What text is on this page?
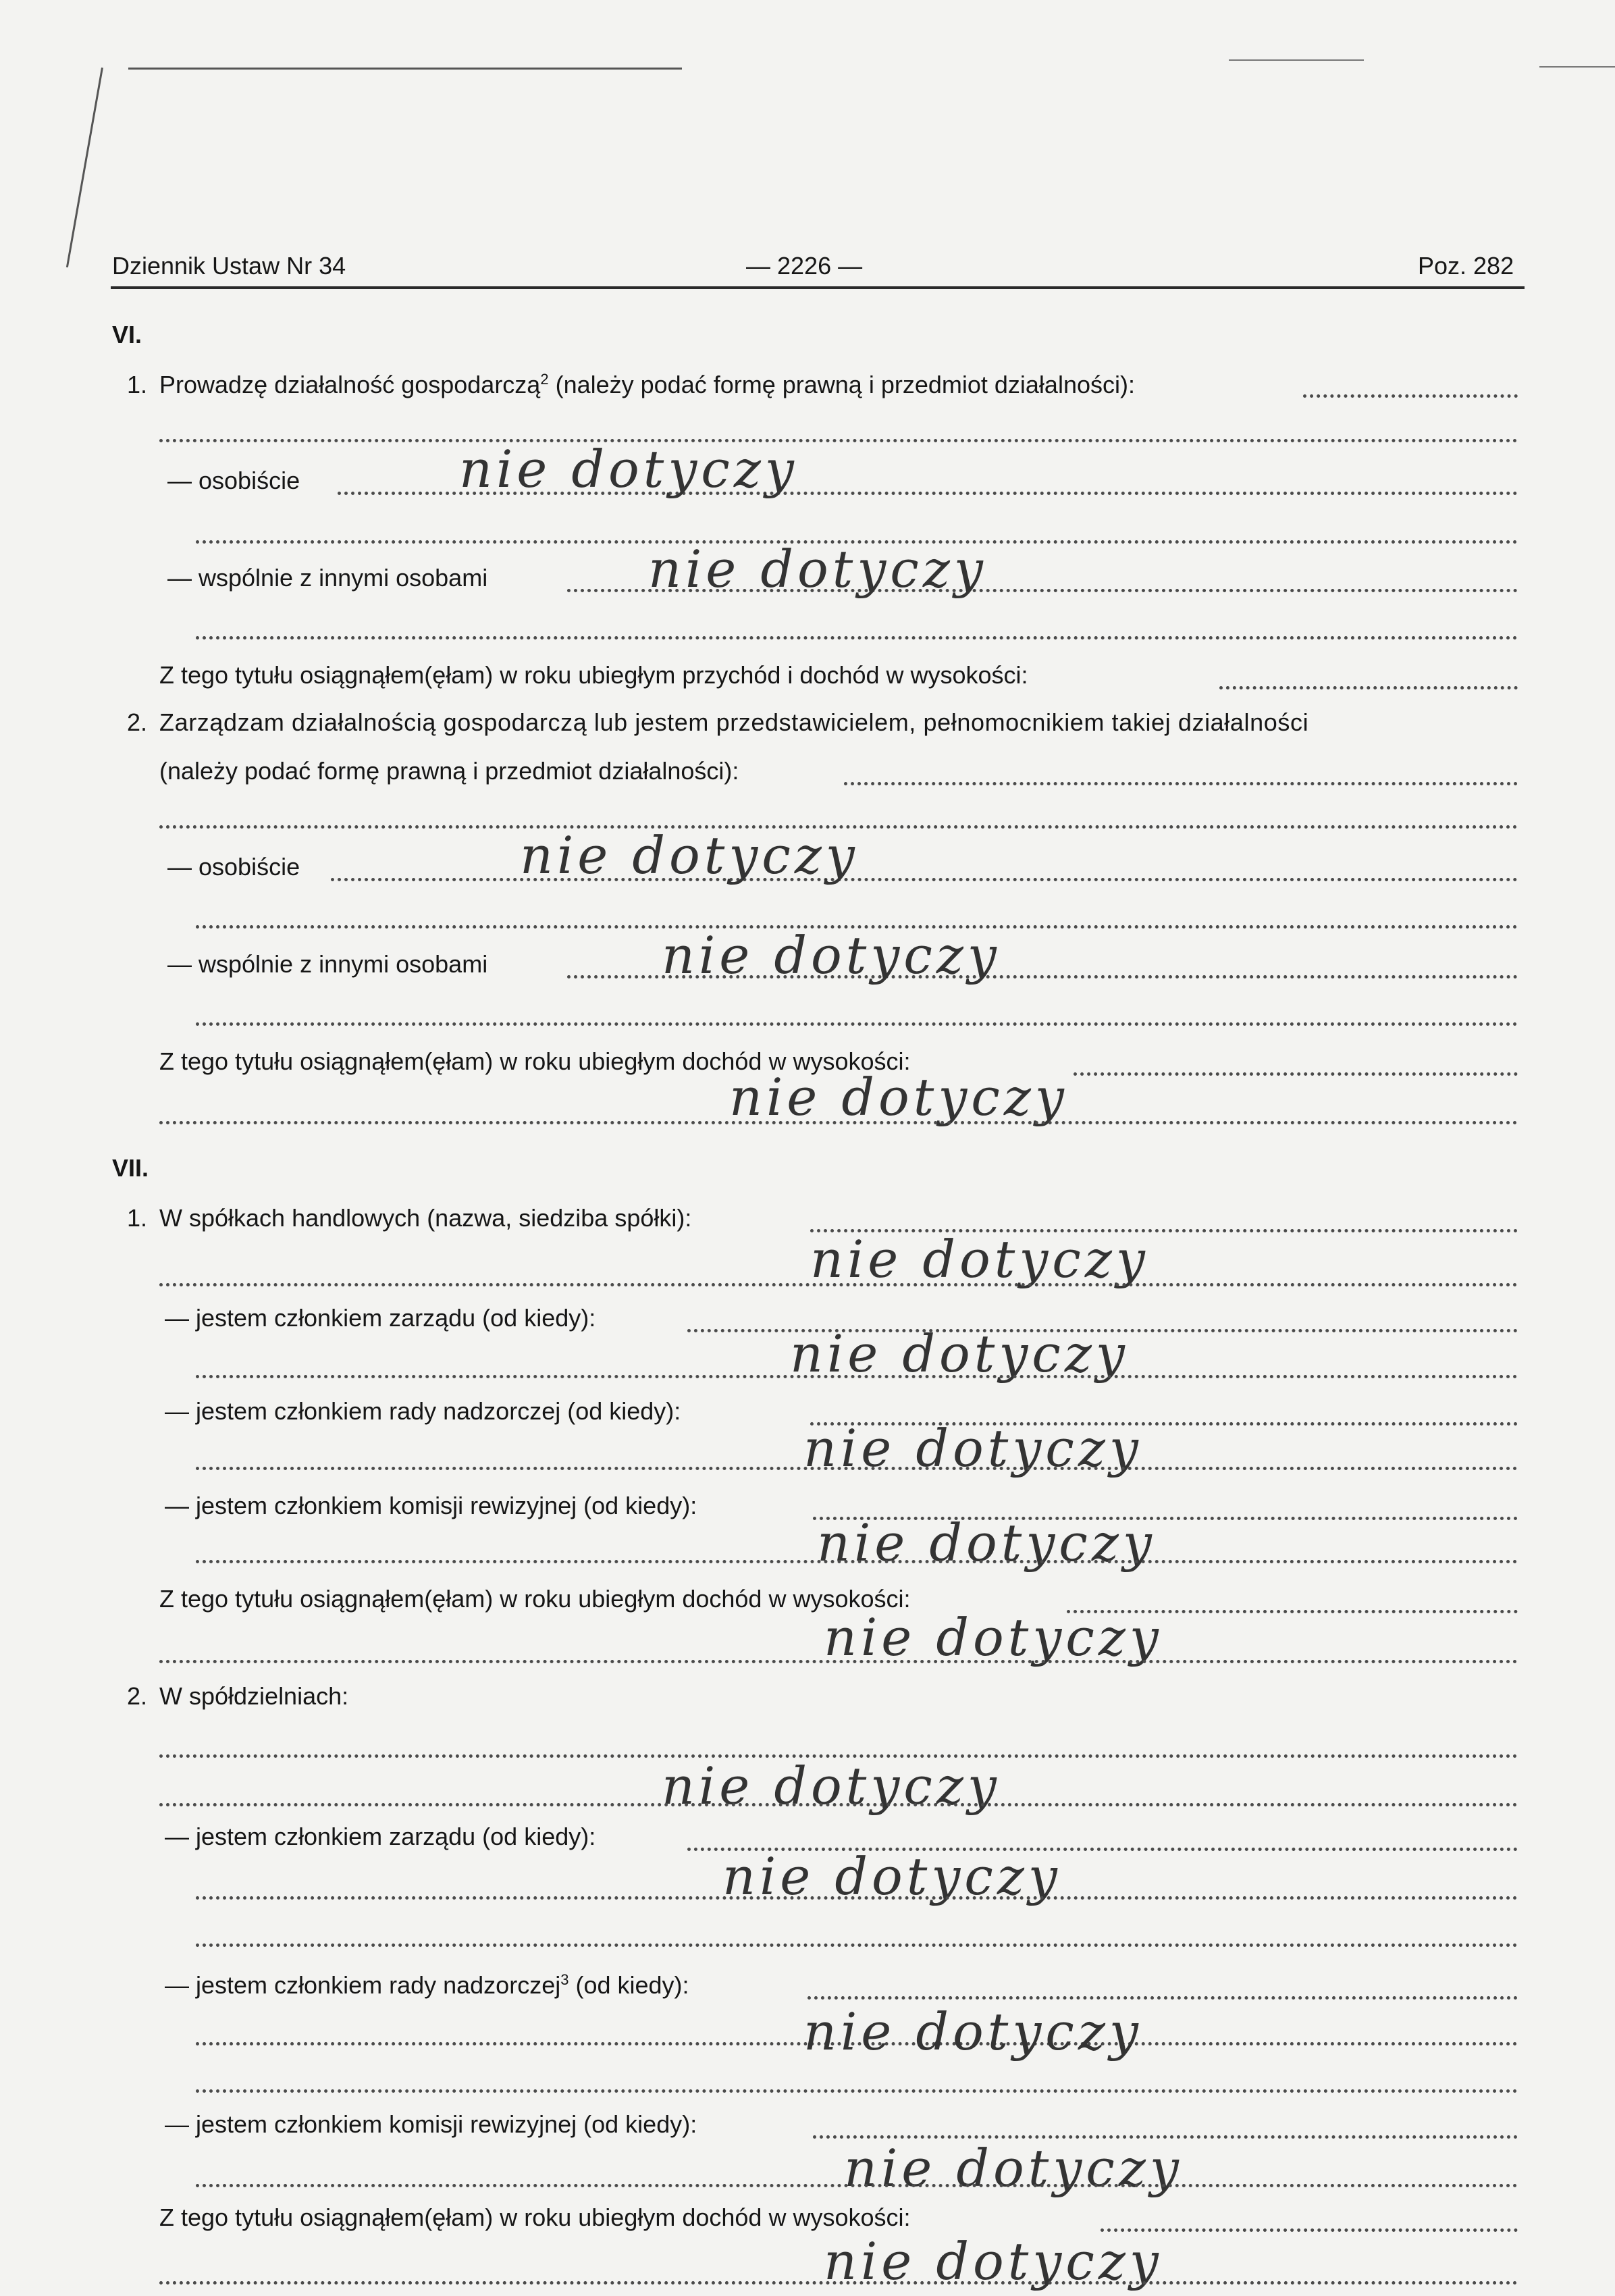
Dziennik Ustaw Nr 34	— 2226 —	Poz. 282
VI.
1. Prowadzę działalność gospodarczą$^2$ (należy podać formę prawną i przedmiot działalności):
— osobiście	nie dotyczy
— wspólnie z innymi osobami	nie dotyczy
Z tego tytułu osiągnąłem(ęłam) w roku ubiegłym przychód i dochód w wysokości:
2. Zarządzam działalnością gospodarczą lub jestem przedstawicielem, pełnomocnikiem takiej działalności
(należy podać formę prawną i przedmiot działalności):
— osobiście	nie dotyczy
— wspólnie z innymi osobami	nie dotyczy
Z tego tytułu osiągnąłem(ęłam) w roku ubiegłym dochód w wysokości:
nie dotyczy
VII.
1. W spółkach handlowych (nazwa, siedziba spółki):
nie dotyczy
— jestem członkiem zarządu (od kiedy):
nie dotyczy
— jestem członkiem rady nadzorczej (od kiedy):
nie dotyczy
— jestem członkiem komisji rewizyjnej (od kiedy):
nie dotyczy
Z tego tytułu osiągnąłem(ęłam) w roku ubiegłym dochód w wysokości:
nie dotyczy
2. W spółdzielniach:
nie dotyczy
— jestem członkiem zarządu (od kiedy):
nie dotyczy
— jestem członkiem rady nadzorczej$^3$ (od kiedy):
nie dotyczy
— jestem członkiem komisji rewizyjnej (od kiedy):
nie dotyczy
Z tego tytułu osiągnąłem(ęłam) w roku ubiegłym dochód w wysokości:
nie dotyczy
